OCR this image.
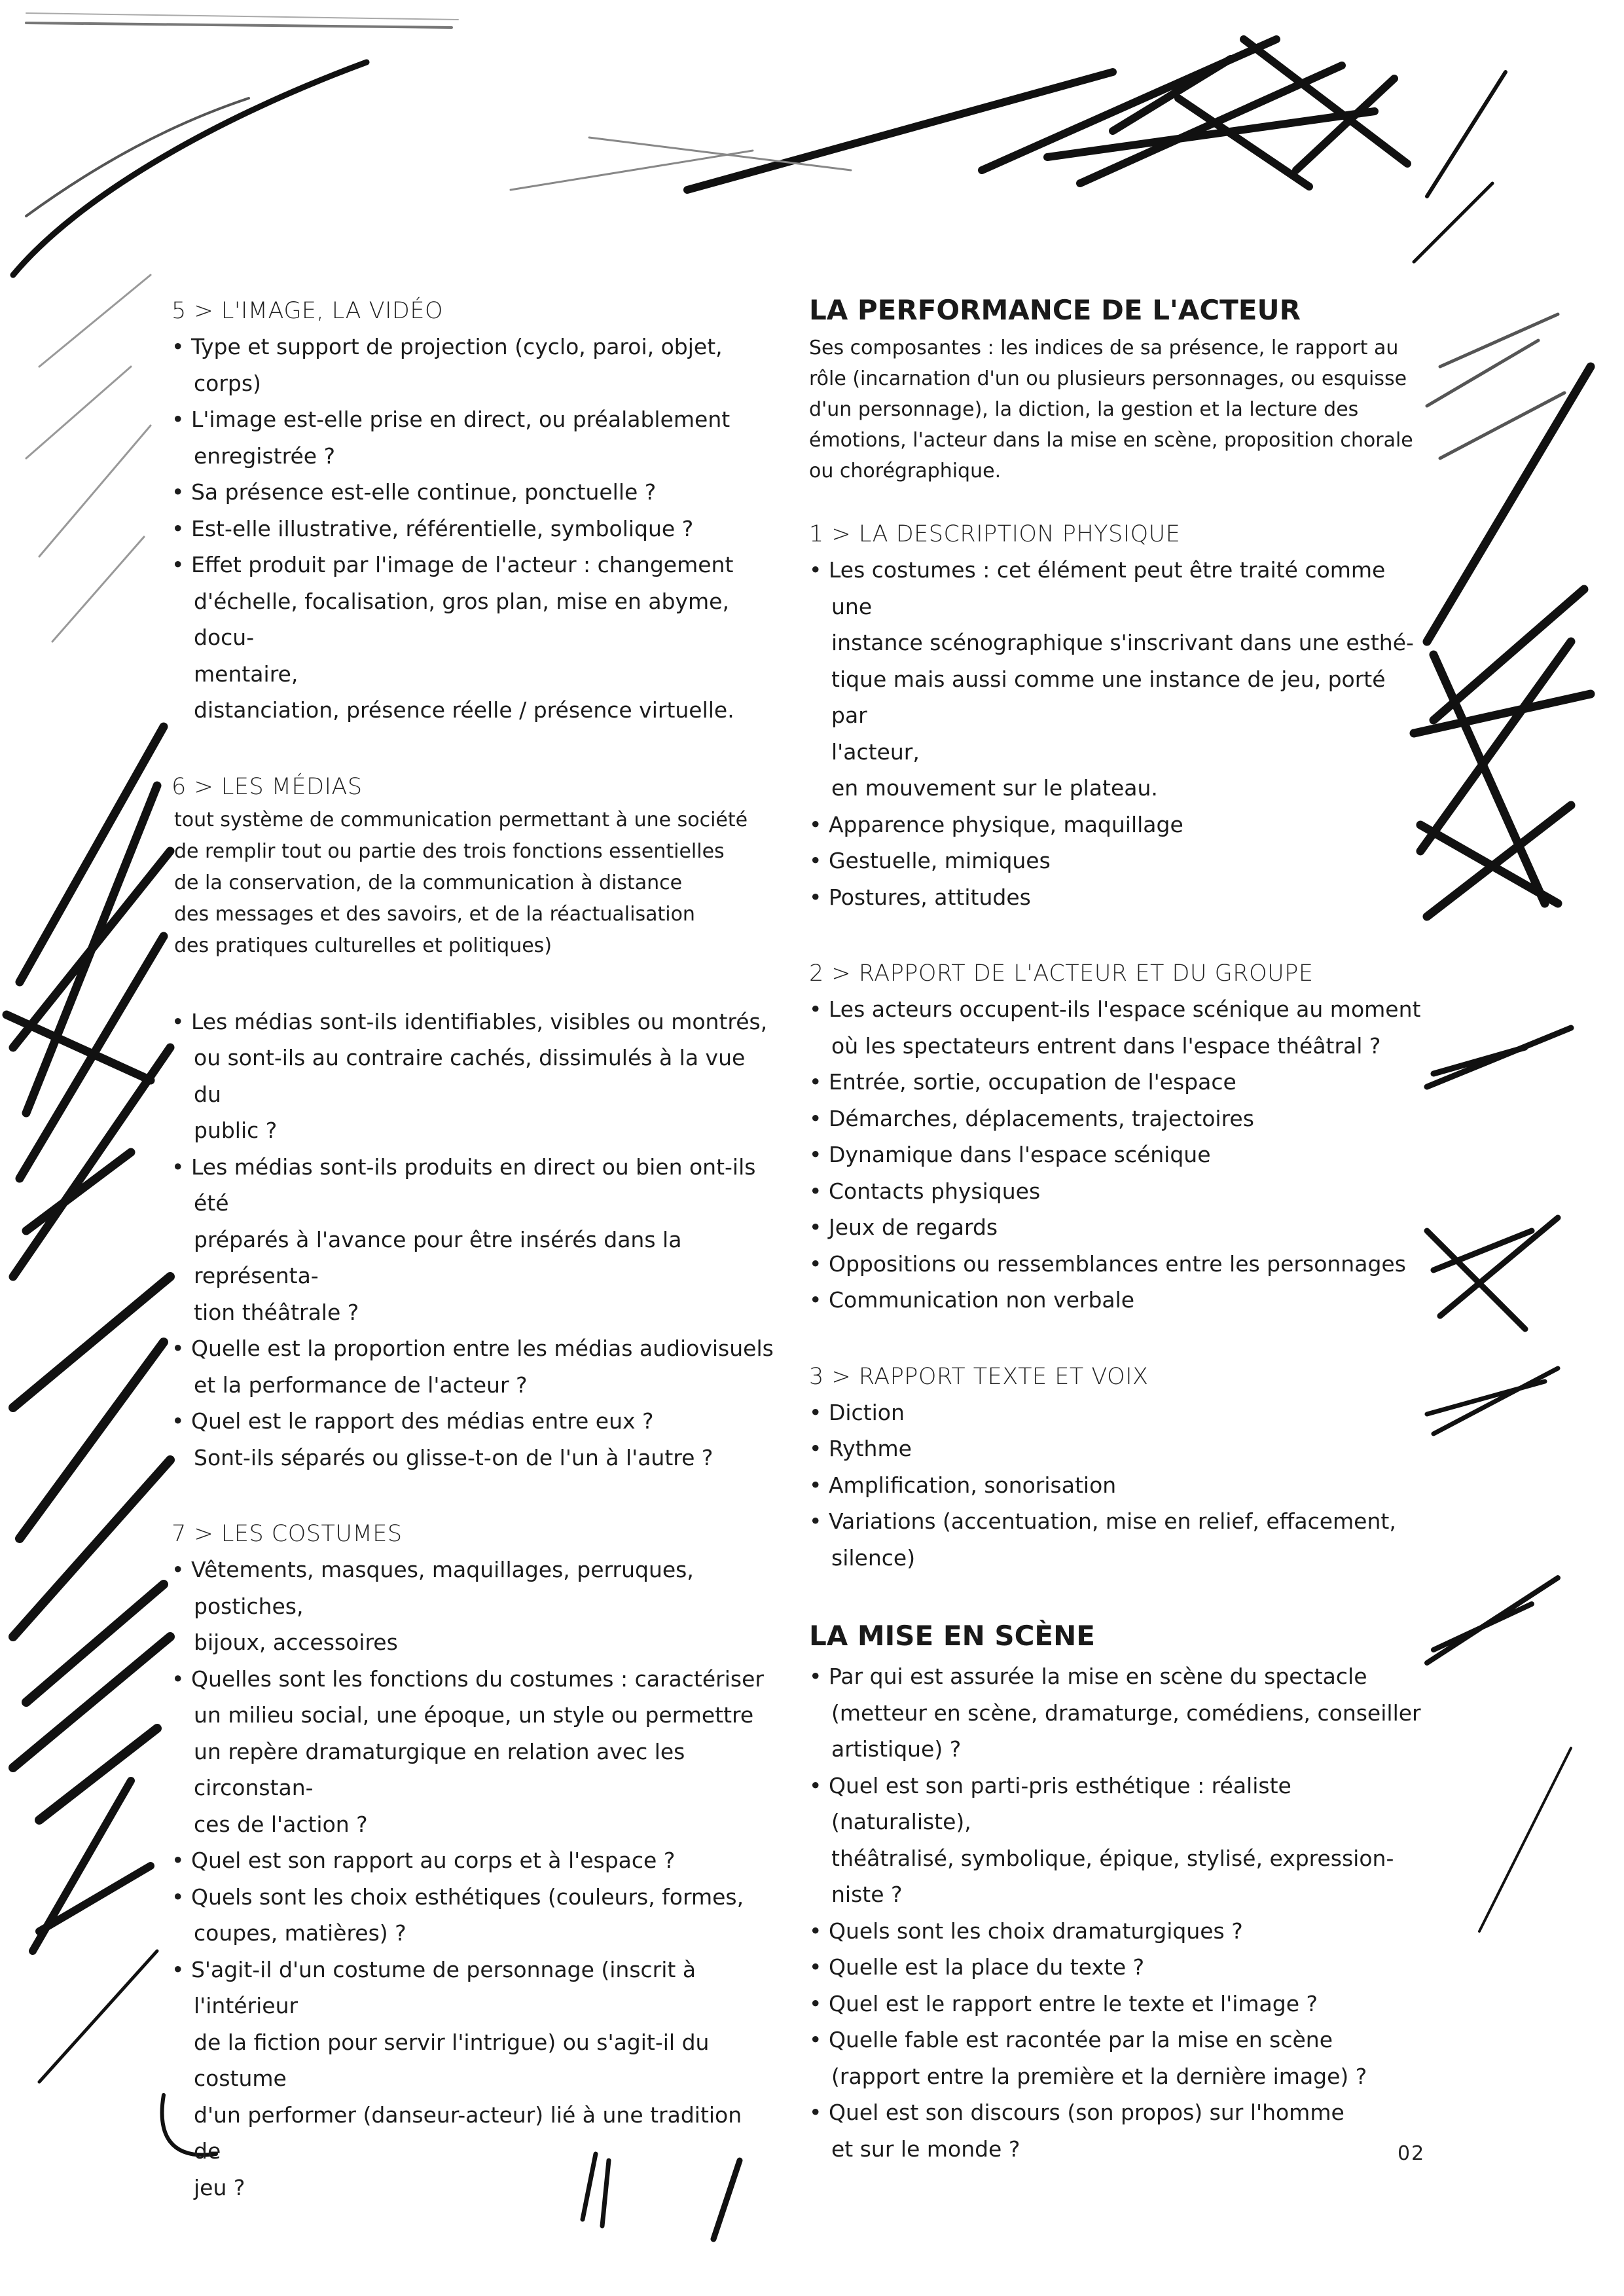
5 > L'IMAGE, LA VIDÉO
• Type et support de projection (cyclo, paroi, objet, corps)
• L'image est-elle prise en direct, ou préalablement
enregistrée ?
• Sa présence est-elle continue, ponctuelle ?
• Est-elle illustrative, référentielle, symbolique ?
• Effet produit par l'image de l'acteur : changement
d'échelle, focalisation, gros plan, mise en abyme, docu-
mentaire,
distanciation, présence réelle / présence virtuelle.
6 > LES MÉDIAS
tout système de communication permettant à une société
de remplir tout ou partie des trois fonctions essentielles
de la conservation, de la communication à distance
des messages et des savoirs, et de la réactualisation
des pratiques culturelles et politiques)
• Les médias sont-ils identifiables, visibles ou montrés,
ou sont-ils au contraire cachés, dissimulés à la vue du
public ?
• Les médias sont-ils produits en direct ou bien ont-ils été
préparés à l'avance pour être insérés dans la représenta-
tion théâtrale ?
• Quelle est la proportion entre les médias audiovisuels
et la performance de l'acteur ?
• Quel est le rapport des médias entre eux ?
Sont-ils séparés ou glisse-t-on de l'un à l'autre ?
7 > LES COSTUMES
• Vêtements, masques, maquillages, perruques, postiches,
bijoux, accessoires
• Quelles sont les fonctions du costumes : caractériser
un milieu social, une époque, un style ou permettre
un repère dramaturgique en relation avec les circonstan-
ces de l'action ?
• Quel est son rapport au corps et à l'espace ?
• Quels sont les choix esthétiques (couleurs, formes,
coupes, matières) ?
• S'agit-il d'un costume de personnage (inscrit à l'intérieur
de la fiction pour servir l'intrigue) ou s'agit-il du costume
d'un performer (danseur-acteur) lié à une tradition de
jeu ?
LA PERFORMANCE DE L'ACTEUR
Ses composantes : les indices de sa présence, le rapport au
rôle (incarnation d'un ou plusieurs personnages, ou esquisse
d'un personnage), la diction, la gestion et la lecture des
émotions, l'acteur dans la mise en scène, proposition chorale
ou chorégraphique.
1 > LA DESCRIPTION PHYSIQUE
• Les costumes : cet élément peut être traité comme une
instance scénographique s'inscrivant dans une esthé-
tique mais aussi comme une instance de jeu, porté par
l'acteur,
en mouvement sur le plateau.
• Apparence physique, maquillage
• Gestuelle, mimiques
• Postures, attitudes
2 > RAPPORT DE L'ACTEUR ET DU GROUPE
• Les acteurs occupent-ils l'espace scénique au moment
où les spectateurs entrent dans l'espace théâtral ?
• Entrée, sortie, occupation de l'espace
• Démarches, déplacements, trajectoires
• Dynamique dans l'espace scénique
• Contacts physiques
• Jeux de regards
• Oppositions ou ressemblances entre les personnages
• Communication non verbale
3 > RAPPORT TEXTE ET VOIX
• Diction
• Rythme
• Amplification, sonorisation
• Variations (accentuation, mise en relief, effacement,
silence)
LA MISE EN SCÈNE
• Par qui est assurée la mise en scène du spectacle
(metteur en scène, dramaturge, comédiens, conseiller
artistique) ?
• Quel est son parti-pris esthétique : réaliste (naturaliste),
théâtralisé, symbolique, épique, stylisé, expression-
niste ?
• Quels sont les choix dramaturgiques ?
• Quelle est la place du texte ?
• Quel est le rapport entre le texte et l'image ?
• Quelle fable est racontée par la mise en scène
(rapport entre la première et la dernière image) ?
• Quel est son discours (son propos) sur l'homme
et sur le monde ?	02
